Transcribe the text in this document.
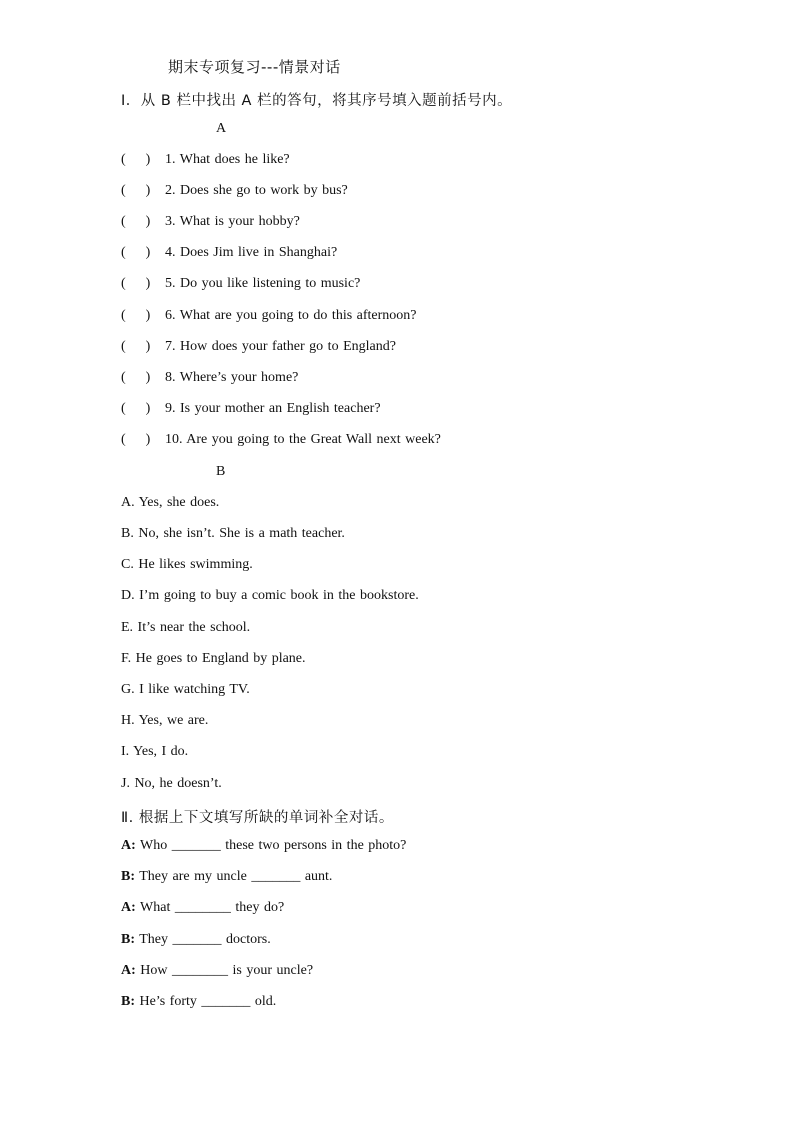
期末专项复习---情景对话
Ⅰ．从 B 栏中找出 A 栏的答句，将其序号填入题前括号内。
A
( ) 1. What does he like?
( ) 2. Does she go to work by bus?
( ) 3. What is your hobby?
( ) 4. Does Jim live in Shanghai?
( ) 5. Do you like listening to music?
( ) 6. What are you going to do this afternoon?
( ) 7. How does your father go to England?
( ) 8. Where’s your home?
( ) 9. Is your mother an English teacher?
( ) 10. Are you going to the Great Wall next week?
B
A. Yes, she does.
B. No, she isn’t. She is a math teacher.
C. He likes swimming.
D. I’m going to buy a comic book in the bookstore.
E. It’s near the school.
F. He goes to England by plane.
G. I like watching TV.
H. Yes, we are.
I. Yes, I do.
J. No, he doesn’t.
Ⅱ. 根据上下文填写所缺的单词补全对话。
A: Who _______ these two persons in the photo?
B: They are my uncle _______ aunt.
A: What ________ they do?
B: They _______ doctors.
A: How ________ is your uncle?
B: He’s forty _______ old.
